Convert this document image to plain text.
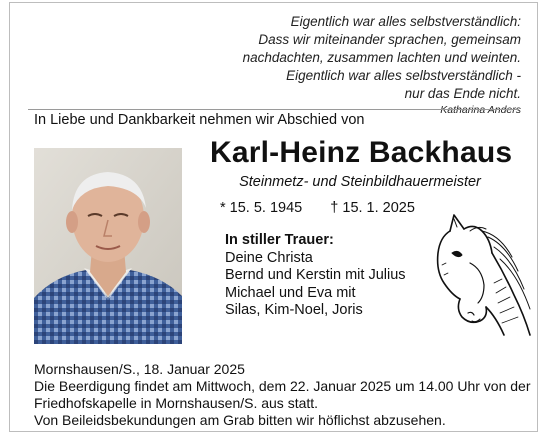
Eigentlich war alles selbstverständlich:
Dass wir miteinander sprachen, gemeinsam
nachdachten, zusammen lachten und weinten.
Eigentlich war alles selbstverständlich -
nur das Ende nicht.
Katharina Anders
In Liebe und Dankbarkeit nehmen wir Abschied von
Karl-Heinz Backhaus
Steinmetz- und Steinbildhauermeister
* 15. 5. 1945 † 15. 1. 2025
In stiller Trauer:
Deine Christa
Bernd und Kerstin mit Julius
Michael und Eva mit
Silas, Kim-Noel, Joris
Mornshausen/S., 18. Januar 2025
Die Beerdigung findet am Mittwoch, dem 22. Januar 2025 um 14.00 Uhr von der
Friedhofskapelle in Mornshausen/S. aus statt.
Von Beileidsbekundungen am Grab bitten wir höflichst abzusehen.
